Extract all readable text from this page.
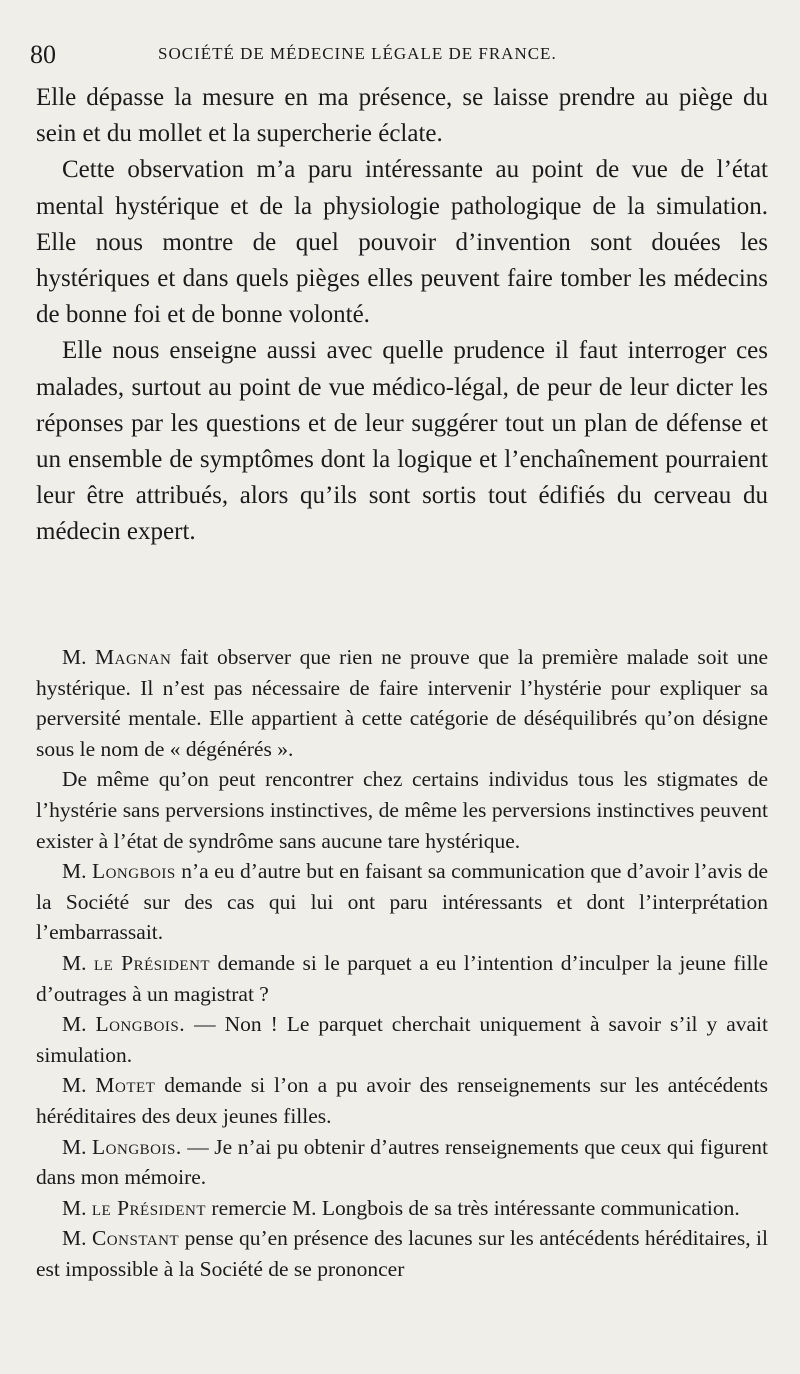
80	SOCIÉTÉ DE MÉDECINE LÉGALE DE FRANCE.

Elle dépasse la mesure en ma présence, se laisse prendre au piège du sein et du mollet et la supercherie éclate.

Cette observation m’a paru intéressante au point de vue de l’état mental hystérique et de la physiologie pathologique de la simulation. Elle nous montre de quel pouvoir d’invention sont douées les hystériques et dans quels pièges elles peuvent faire tomber les médecins de bonne foi et de bonne volonté.

Elle nous enseigne aussi avec quelle prudence il faut interroger ces malades, surtout au point de vue médico-légal, de peur de leur dicter les réponses par les questions et de leur suggérer tout un plan de défense et un ensemble de symptômes dont la logique et l’enchaînement pourraient leur être attribués, alors qu’ils sont sortis tout édifiés du cerveau du médecin expert.

M. Magnan fait observer que rien ne prouve que la première malade soit une hystérique. Il n’est pas nécessaire de faire intervenir l’hystérie pour expliquer sa perversité mentale. Elle appartient à cette catégorie de déséquilibrés qu’on désigne sous le nom de « dégénérés ».

De même qu’on peut rencontrer chez certains individus tous les stigmates de l’hystérie sans perversions instinctives, de même les perversions instinctives peuvent exister à l’état de syndrôme sans aucune tare hystérique.

M. Longbois n’a eu d’autre but en faisant sa communication que d’avoir l’avis de la Société sur des cas qui lui ont paru intéressants et dont l’interprétation l’embarrassait.

M. le Président demande si le parquet a eu l’intention d’inculper la jeune fille d’outrages à un magistrat ?

M. Longbois. — Non ! Le parquet cherchait uniquement à savoir s’il y avait simulation.

M. Motet demande si l’on a pu avoir des renseignements sur les antécédents héréditaires des deux jeunes filles.

M. Longbois. — Je n’ai pu obtenir d’autres renseignements que ceux qui figurent dans mon mémoire.

M. le Président remercie M. Longbois de sa très intéressante communication.

M. Constant pense qu’en présence des lacunes sur les antécédents héréditaires, il est impossible à la Société de se prononcer
